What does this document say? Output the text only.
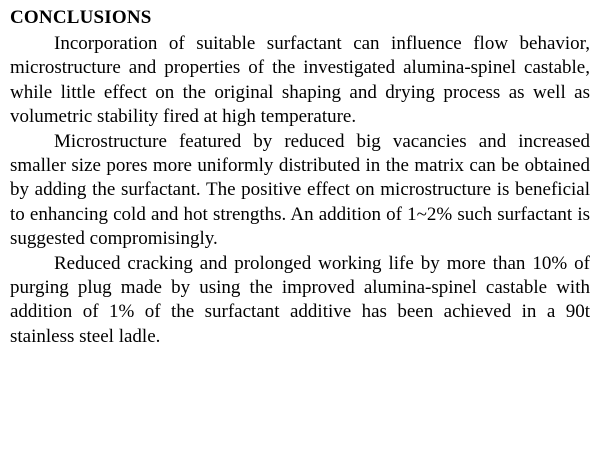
CONCLUSIONS

Incorporation of suitable surfactant can influence flow behavior, microstructure and properties of the investigated alumina-spinel castable, while little effect on the original shaping and drying process as well as volumetric stability fired at high temperature.

Microstructure featured by reduced big vacancies and increased smaller size pores more uniformly distributed in the matrix can be obtained by adding the surfactant. The positive effect on microstructure is beneficial to enhancing cold and hot strengths. An addition of 1~2% such surfactant is suggested compromisingly.

Reduced cracking and prolonged working life by more than 10% of purging plug made by using the improved alumina-spinel castable with addition of 1% of the surfactant additive has been achieved in a 90t stainless steel ladle.
